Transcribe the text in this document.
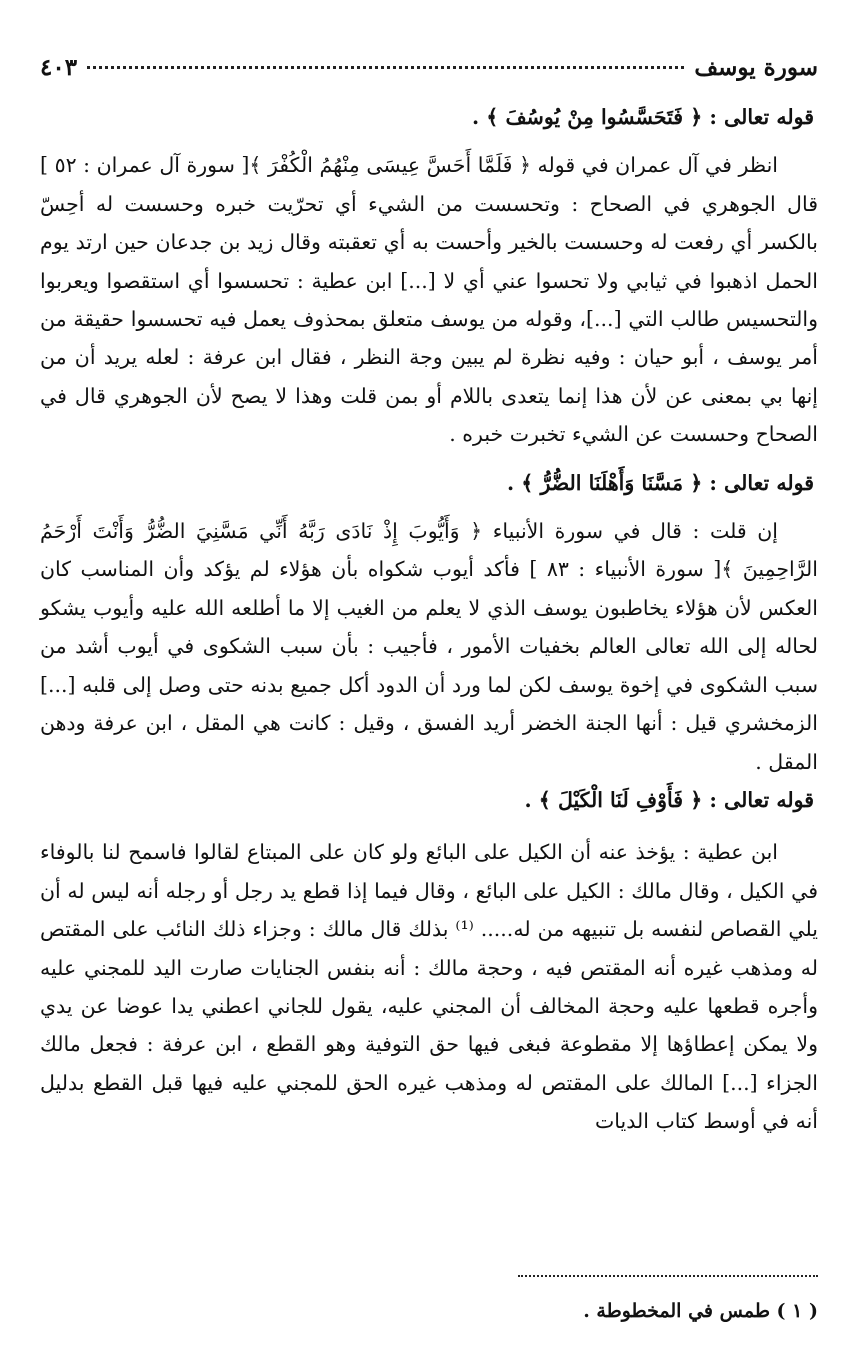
سورة يوسف
٤٠٣

قوله تعالى : ﴿ فَتَحَسَّسُوا مِنْ يُوسُفَ ﴾ .

انظر في آل عمران في قوله ﴿ فَلَمَّا أَحَسَّ عِيسَى مِنْهُمُ الْكُفْرَ ﴾[ سورة آل عمران : ٥٢ ] قال الجوهري في الصحاح : وتحسست من الشيء أي تحرّيت خبره وحسست له أحِسّ بالكسر أي رفعت له وحسست بالخير وأحست به أي تعقبته وقال زيد بن جدعان حين ارتد يوم الحمل اذهبوا في ثيابي ولا تحسوا عني أي لا [...] ابن عطية : تحسسوا أي استقصوا ويعربوا والتحسيس طالب التي [...]، وقوله من يوسف متعلق بمحذوف يعمل فيه تحسسوا حقيقة من أمر يوسف ، أبو حيان : وفيه نظرة لم يبين وجة النظر ، فقال ابن عرفة : لعله يريد أن من إنها بي بمعنى عن لأن هذا إنما يتعدى باللام أو بمن قلت وهذا لا يصح لأن الجوهري قال في الصحاح وحسست عن الشيء تخبرت خبره .

قوله تعالى : ﴿ مَسَّنَا وَأَهْلَنَا الضُّرُّ ﴾ .

إن قلت : قال في سورة الأنبياء ﴿ وَأَيُّوبَ إِذْ نَادَى رَبَّهُ أَنِّي مَسَّنِيَ الضُّرُّ وَأَنْتَ أَرْحَمُ الرَّاحِمِينَ ﴾[ سورة الأنبياء : ٨٣ ] فأكد أيوب شكواه بأن هؤلاء لم يؤكد وأن المناسب كان العكس لأن هؤلاء يخاطبون يوسف الذي لا يعلم من الغيب إلا ما أطلعه الله عليه وأيوب يشكو لحاله إلى الله تعالى العالم بخفيات الأمور ، فأجيب : بأن سبب الشكوى في أيوب أشد من سبب الشكوى في إخوة يوسف لكن لما ورد أن الدود أكل جميع بدنه حتى وصل إلى قلبه [...] الزمخشري قيل : أنها الجنة الخضر أريد الفسق ، وقيل : كانت هي المقل ، ابن عرفة ودهن المقل .

قوله تعالى : ﴿ فَأَوْفِ لَنَا الْكَيْلَ ﴾ .

ابن عطية : يؤخذ عنه أن الكيل على البائع ولو كان على المبتاع لقالوا فاسمح لنا بالوفاء في الكيل ، وقال مالك : الكيل على البائع ، وقال فيما إذا قطع يد رجل أو رجله أنه ليس له أن يلي القصاص لنفسه بل تنبيهه من له..... ⁽¹⁾ بذلك قال مالك : وجزاء ذلك النائب على المقتص له ومذهب غيره أنه المقتص فيه ، وحجة مالك : أنه بنفس الجنايات صارت اليد للمجني عليه وأجره قطعها عليه وحجة المخالف أن المجني عليه، يقول للجاني اعطني يدا عوضا عن يدي ولا يمكن إعطاؤها إلا مقطوعة فبغى فيها حق التوفية وهو القطع ، ابن عرفة : فجعل مالك الجزاء [...] المالك على المقتص له ومذهب غيره الحق للمجني عليه فيها قبل القطع بدليل أنه في أوسط كتاب الديات

( ١ ) طمس في المخطوطة .
